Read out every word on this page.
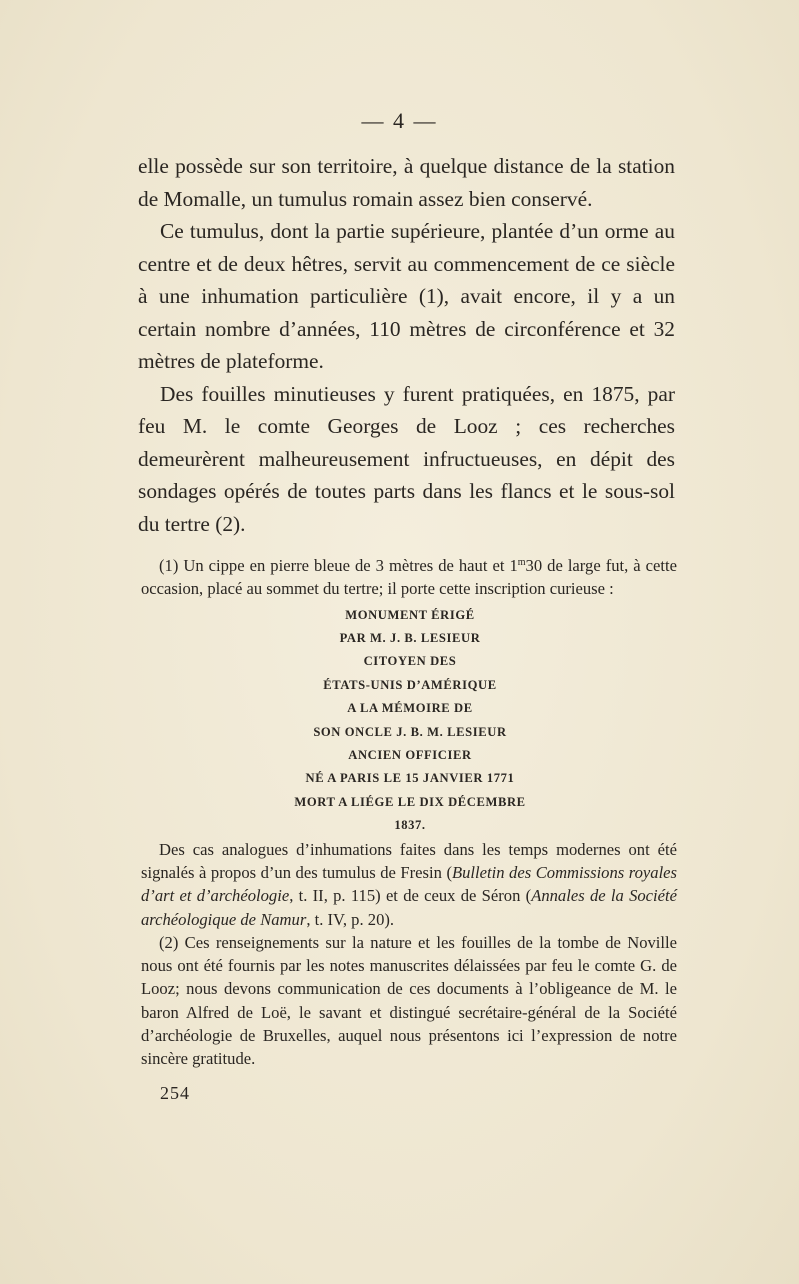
— 4 —

elle possède sur son territoire, à quelque distance de la station de Momalle, un tumulus romain assez bien conservé.

Ce tumulus, dont la partie supérieure, plantée d’un orme au centre et de deux hêtres, servit au commencement de ce siècle à une inhumation particulière (1), avait encore, il y a un certain nombre d’années, 110 mètres de circonférence et 32 mètres de plateforme.

Des fouilles minutieuses y furent pratiquées, en 1875, par feu M. le comte Georges de Looz ; ces recherches demeurèrent malheureusement infructueuses, en dépit des sondages opérés de toutes parts dans les flancs et le sous-sol du tertre (2).

(1) Un cippe en pierre bleue de 3 mètres de haut et 1$^m$30 de large fut, à cette occasion, placé au sommet du tertre; il porte cette inscription curieuse :

MONUMENT ÉRIGÉ
PAR M. J. B. LESIEUR
CITOYEN DES
ÉTATS-UNIS D’AMÉRIQUE
A LA MÉMOIRE DE
SON ONCLE J. B. M. LESIEUR
ANCIEN OFFICIER
NÉ A PARIS LE 15 JANVIER 1771
MORT A LIÉGE LE DIX DÉCEMBRE
1837.

Des cas analogues d’inhumations faites dans les temps modernes ont été signalés à propos d’un des tumulus de Fresin (Bulletin des Commissions royales d’art et d’archéologie, t. II, p. 115) et de ceux de Séron (Annales de la Société archéologique de Namur, t. IV, p. 20).

(2) Ces renseignements sur la nature et les fouilles de la tombe de Noville nous ont été fournis par les notes manuscrites délaissées par feu le comte G. de Looz; nous devons communication de ces documents à l’obligeance de M. le baron Alfred de Loë, le savant et distingué secrétaire-général de la Société d’archéologie de Bruxelles, auquel nous présentons ici l’expression de notre sincère gratitude.

254
